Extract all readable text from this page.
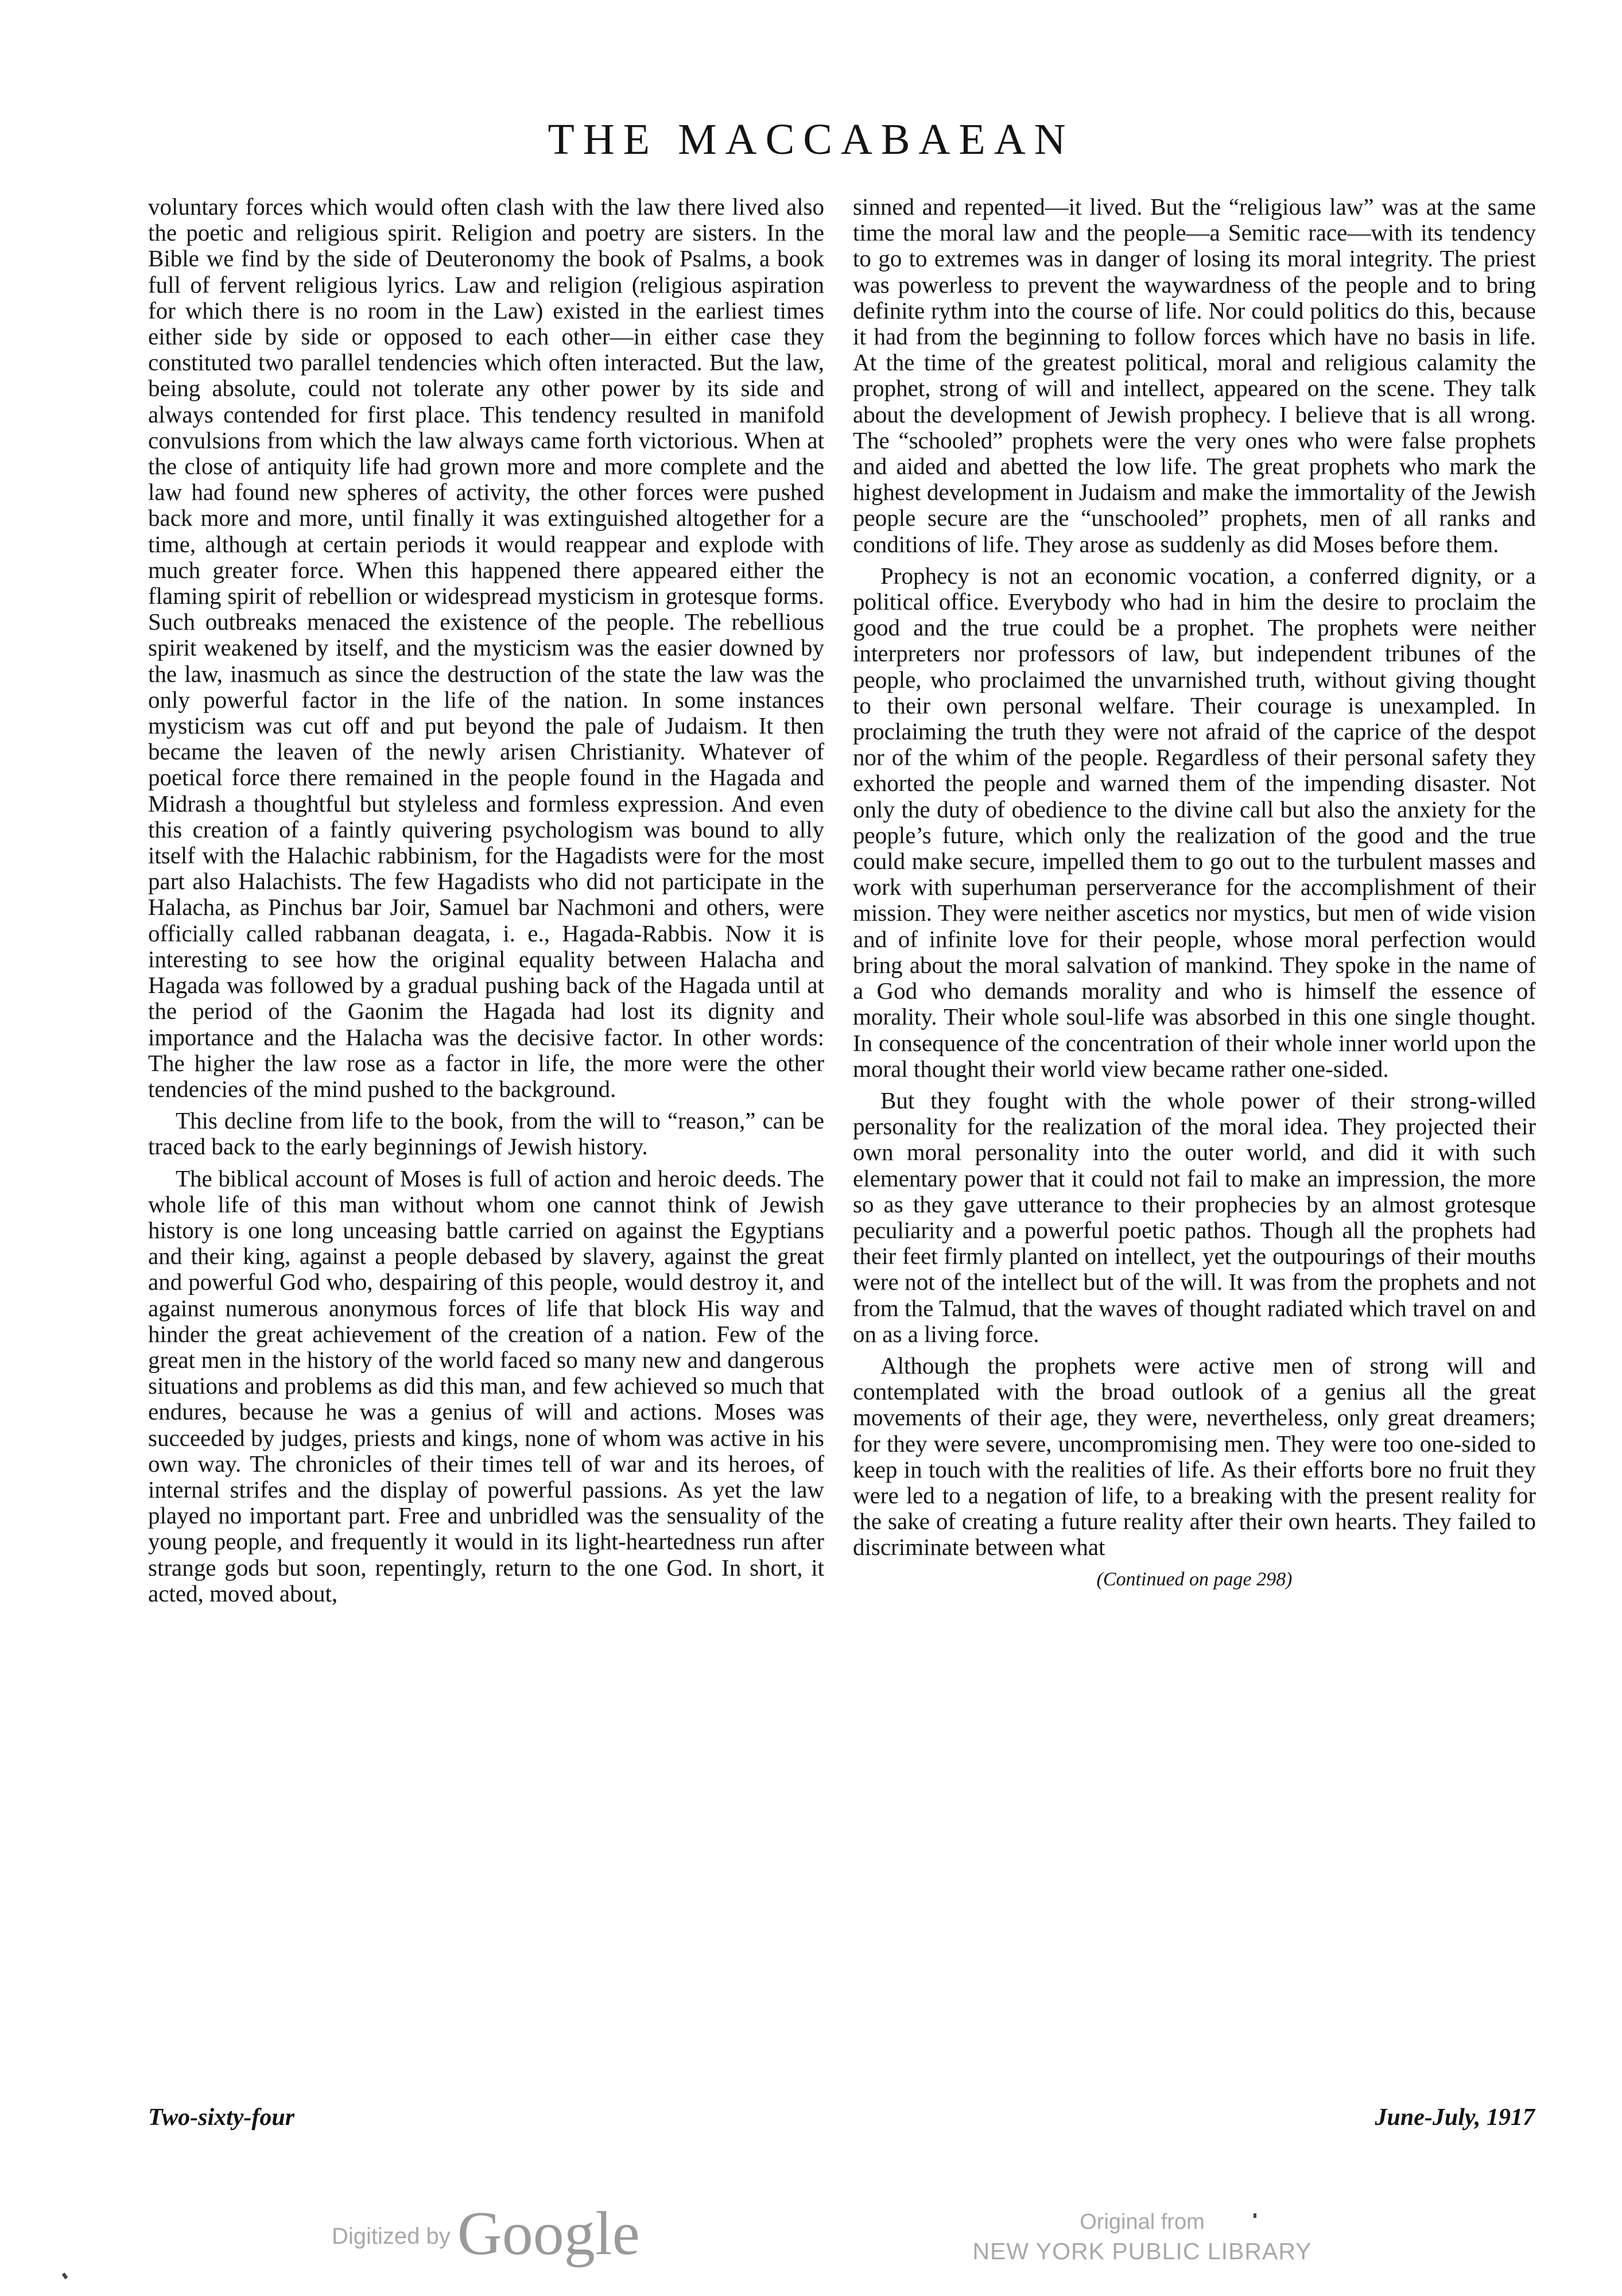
THE MACCABAEAN

voluntary forces which would often clash with the law there lived also the poetic and religious spirit. Religion and poetry are sisters. In the Bible we find by the side of Deuteronomy the book of Psalms, a book full of fervent religious lyrics. Law and religion (religious aspiration for which there is no room in the Law) existed in the earliest times either side by side or opposed to each other—in either case they constituted two parallel tendencies which often interacted. But the law, being absolute, could not tolerate any other power by its side and always contended for first place. This tendency resulted in manifold convulsions from which the law always came forth victorious. When at the close of antiquity life had grown more and more complete and the law had found new spheres of activity, the other forces were pushed back more and more, until finally it was extinguished altogether for a time, although at certain periods it would reappear and explode with much greater force. When this happened there appeared either the flaming spirit of rebellion or widespread mysticism in grotesque forms. Such outbreaks menaced the existence of the people. The rebellious spirit weakened by itself, and the mysticism was the easier downed by the law, inasmuch as since the destruction of the state the law was the only powerful factor in the life of the nation. In some instances mysticism was cut off and put beyond the pale of Judaism. It then became the leaven of the newly arisen Christianity. Whatever of poetical force there remained in the people found in the Hagada and Midrash a thoughtful but styleless and formless expression. And even this creation of a faintly quivering psychologism was bound to ally itself with the Halachic rabbinism, for the Hagadists were for the most part also Halachists. The few Hagadists who did not participate in the Halacha, as Pinchus bar Joir, Samuel bar Nachmoni and others, were officially called rabbanan deagata, i. e., Hagada-Rabbis. Now it is interesting to see how the original equality between Halacha and Hagada was followed by a gradual pushing back of the Hagada until at the period of the Gaonim the Hagada had lost its dignity and importance and the Halacha was the decisive factor. In other words: The higher the law rose as a factor in life, the more were the other tendencies of the mind pushed to the background.

This decline from life to the book, from the will to “reason,” can be traced back to the early beginnings of Jewish history.

The biblical account of Moses is full of action and heroic deeds. The whole life of this man without whom one cannot think of Jewish history is one long unceasing battle carried on against the Egyptians and their king, against a people debased by slavery, against the great and powerful God who, despairing of this people, would destroy it, and against numerous anonymous forces of life that block His way and hinder the great achievement of the creation of a nation. Few of the great men in the history of the world faced so many new and dangerous situations and problems as did this man, and few achieved so much that endures, because he was a genius of will and actions. Moses was succeeded by judges, priests and kings, none of whom was active in his own way. The chronicles of their times tell of war and its heroes, of internal strifes and the display of powerful passions. As yet the law played no important part. Free and unbridled was the sensuality of the young people, and frequently it would in its light-heartedness run after strange gods but soon, repentingly, return to the one God. In short, it acted, moved about,

sinned and repented—it lived. But the “religious law” was at the same time the moral law and the people—a Semitic race—with its tendency to go to extremes was in danger of losing its moral integrity. The priest was powerless to prevent the waywardness of the people and to bring definite rythm into the course of life. Nor could politics do this, because it had from the beginning to follow forces which have no basis in life. At the time of the greatest political, moral and religious calamity the prophet, strong of will and intellect, appeared on the scene. They talk about the development of Jewish prophecy. I believe that is all wrong. The “schooled” prophets were the very ones who were false prophets and aided and abetted the low life. The great prophets who mark the highest development in Judaism and make the immortality of the Jewish people secure are the “unschooled” prophets, men of all ranks and conditions of life. They arose as suddenly as did Moses before them.

Prophecy is not an economic vocation, a conferred dignity, or a political office. Everybody who had in him the desire to proclaim the good and the true could be a prophet. The prophets were neither interpreters nor professors of law, but independent tribunes of the people, who proclaimed the unvarnished truth, without giving thought to their own personal welfare. Their courage is unexampled. In proclaiming the truth they were not afraid of the caprice of the despot nor of the whim of the people. Regardless of their personal safety they exhorted the people and warned them of the impending disaster. Not only the duty of obedience to the divine call but also the anxiety for the people’s future, which only the realization of the good and the true could make secure, impelled them to go out to the turbulent masses and work with superhuman perserverance for the accomplishment of their mission. They were neither ascetics nor mystics, but men of wide vision and of infinite love for their people, whose moral perfection would bring about the moral salvation of mankind. They spoke in the name of a God who demands morality and who is himself the essence of morality. Their whole soul-life was absorbed in this one single thought. In consequence of the concentration of their whole inner world upon the moral thought their world view became rather one-sided.

But they fought with the whole power of their strong-willed personality for the realization of the moral idea. They projected their own moral personality into the outer world, and did it with such elementary power that it could not fail to make an impression, the more so as they gave utterance to their prophecies by an almost grotesque peculiarity and a powerful poetic pathos. Though all the prophets had their feet firmly planted on intellect, yet the outpourings of their mouths were not of the intellect but of the will. It was from the prophets and not from the Talmud, that the waves of thought radiated which travel on and on as a living force.

Although the prophets were active men of strong will and contemplated with the broad outlook of a genius all the great movements of their age, they were, nevertheless, only great dreamers; for they were severe, uncompromising men. They were too one-sided to keep in touch with the realities of life. As their efforts bore no fruit they were led to a negation of life, to a breaking with the present reality for the sake of creating a future reality after their own hearts. They failed to discriminate between what

(Continued on page 298)
Two-sixty-four	June-July, 1917
Digitized by Google	Original from
NEW YORK PUBLIC LIBRARY
